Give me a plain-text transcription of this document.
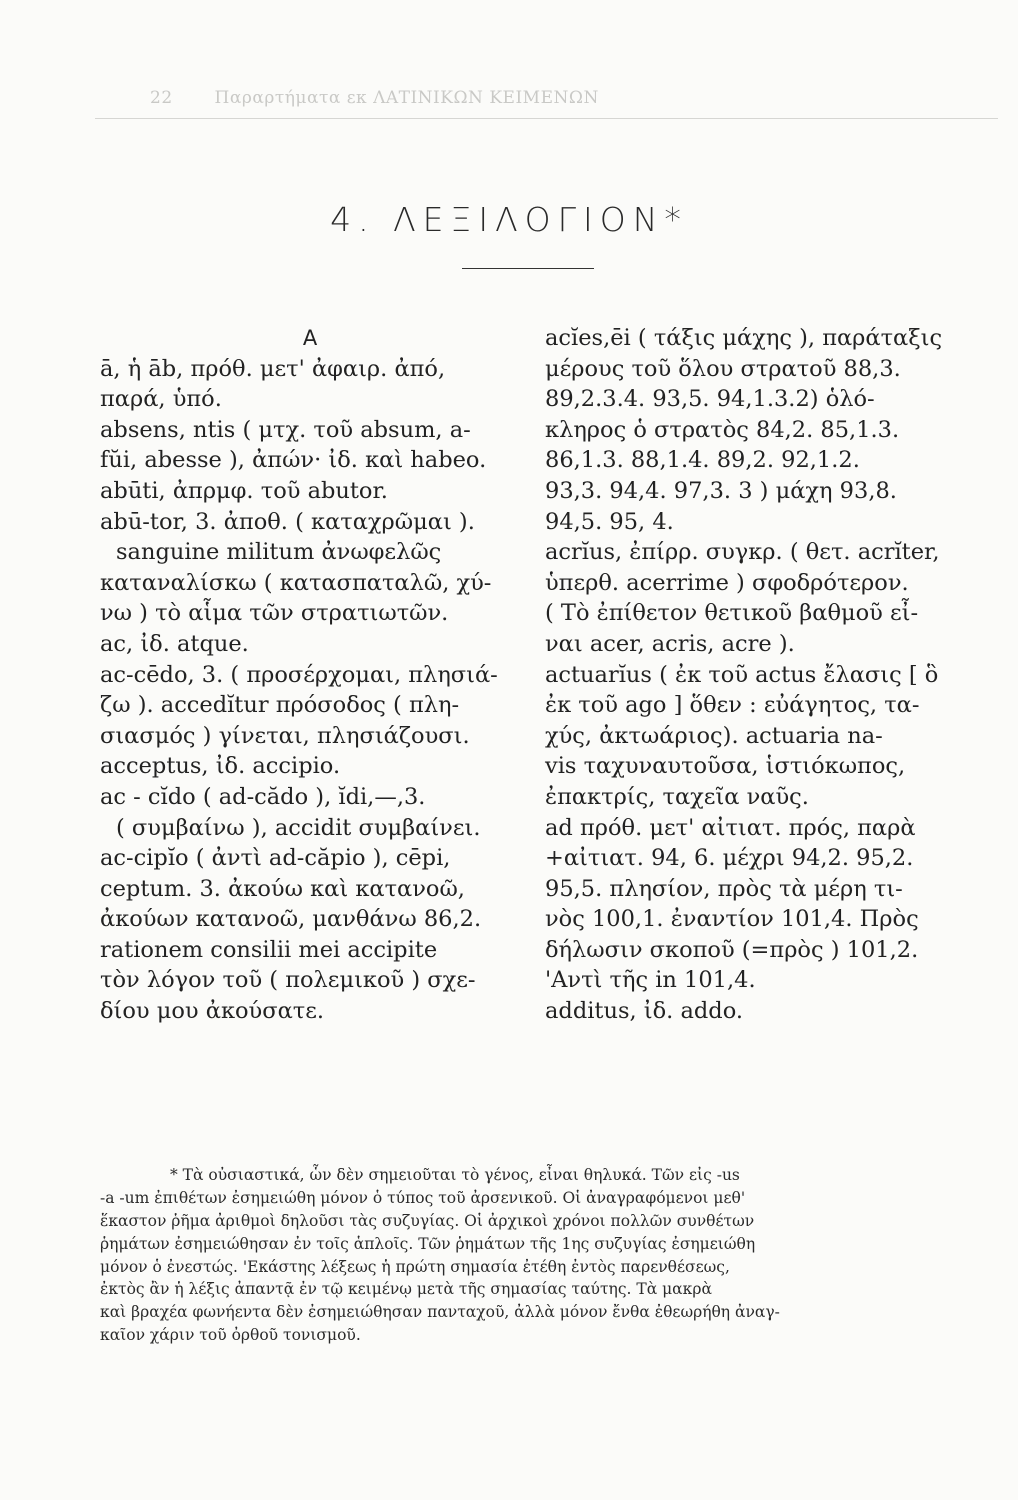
22 Παραρτήματα εκ ΛΑΤΙΝΙΚΩΝ ΚΕΙΜΕΝΩΝ
4. ΛΕΞΙΛΟΓΙΟΝ*
A
ā, ἡ āb, πρόθ. μετ' ἀφαιρ. ἀπό,
παρά, ὑπό.
absens, ntis ( μτχ. τοῦ absum, a-
fŭi, abesse ), ἀπών· ἰδ. καὶ habeo.
abūti, ἀπρμφ. τοῦ abutor.
abū-tor, 3. ἀποθ. ( καταχρῶμαι ).
sanguine militum ἀνωφελῶς
καταναλίσκω ( κατασπαταλῶ, χύ-
νω ) τὸ αἷμα τῶν στρατιωτῶν.
ac, ἰδ. atque.
ac-cēdo, 3. ( προσέρχομαι, πλησιά-
ζω ). accedĭtur πρόσοδος ( πλη-
σιασμός ) γίνεται, πλησιάζουσι.
acceptus, ἰδ. accipio.
ac - cĭdo ( ad-cădo ), ĭdi,—,3.
( συμβαίνω ), accidit συμβαίνει.
ac-cipĭo ( ἀντὶ ad-căpio ), cēpi,
ceptum. 3. ἀκούω καὶ κατανοῶ,
ἀκούων κατανοῶ, μανθάνω 86,2.
rationem consilii mei accipite
τὸν λόγον τοῦ ( πολεμικοῦ ) σχε-
δίου μου ἀκούσατε.
acĭes,ēi ( τάξις μάχης ), παράταξις
μέρους τοῦ ὅλου στρατοῦ 88,3.
89,2.3.4. 93,5. 94,1.3.2) ὁλό-
κληρος ὁ στρατὸς 84,2. 85,1.3.
86,1.3. 88,1.4. 89,2. 92,1.2.
93,3. 94,4. 97,3. 3 ) μάχη 93,8.
94,5. 95, 4.
acrĭus, ἐπίρρ. συγκρ. ( θετ. acrĭter,
ὑπερθ. acerrime ) σφοδρότερον.
( Τὸ ἐπίθετον θετικοῦ βαθμοῦ εἶ-
ναι acer, acris, acre ).
actuarĭus ( ἐκ τοῦ actus ἔλασις [ ὃ
ἐκ τοῦ ago ] ὅθεν : εὐάγητος, τα-
χύς, ἀκτωάριος). actuaria na-
vis ταχυναυτοῦσα, ἱστιόκωπος,
ἐπακτρίς, ταχεῖα ναῦς.
ad πρόθ. μετ' αἰτιατ. πρός, παρὰ
+αἰτιατ. 94, 6. μέχρι 94,2. 95,2.
95,5. πλησίον, πρὸς τὰ μέρη τι-
νὸς 100,1. ἐναντίον 101,4. Πρὸς
δήλωσιν σκοποῦ (=πρὸς ) 101,2.
'Αντὶ τῆς in 101,4.
additus, ἰδ. addo.
* Τὰ οὐσιαστικά, ὧν δὲν σημειοῦται τὸ γένος, εἶναι θηλυκά. Τῶν εἰς -us
-a -um ἐπιθέτων ἐσημειώθη μόνον ὁ τύπος τοῦ ἀρσενικοῦ. Οἱ ἀναγραφόμενοι μεθ'
ἕκαστον ῥῆμα ἀριθμοὶ δηλοῦσι τὰς συζυγίας. Οἱ ἀρχικοὶ χρόνοι πολλῶν συνθέτων
ῥημάτων ἐσημειώθησαν ἐν τοῖς ἁπλοῖς. Τῶν ῥημάτων τῆς 1ης συζυγίας ἐσημειώθη
μόνον ὁ ἐνεστώς. 'Εκάστης λέξεως ἡ πρώτη σημασία ἐτέθη ἐντὸς παρενθέσεως,
ἐκτὸς ἂν ἡ λέξις ἀπαντᾷ ἐν τῷ κειμένῳ μετὰ τῆς σημασίας ταύτης. Τὰ μακρὰ
καὶ βραχέα φωνήεντα δὲν ἐσημειώθησαν πανταχοῦ, ἀλλὰ μόνον ἔνθα ἐθεωρήθη ἀναγ-
καῖον χάριν τοῦ ὀρθοῦ τονισμοῦ.
